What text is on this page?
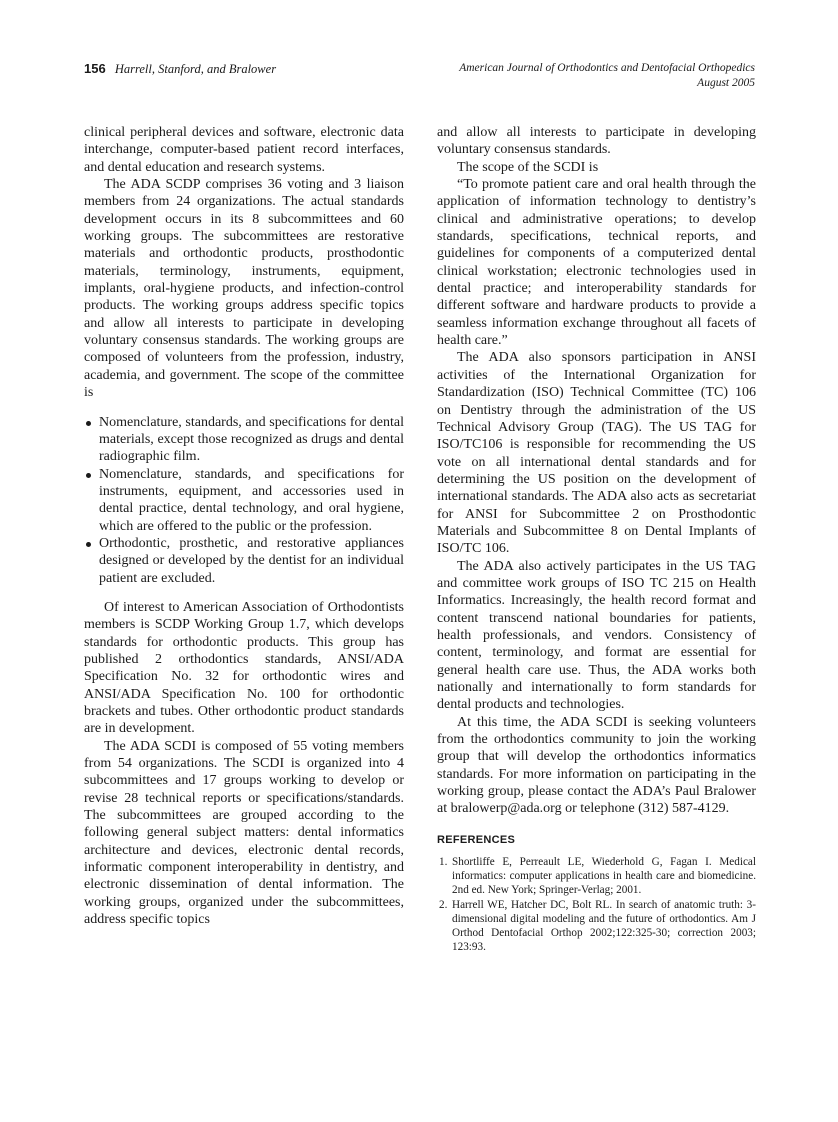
156 Harrell, Stanford, and Bralower	American Journal of Orthodontics and Dentofacial Orthopedics
August 2005

clinical peripheral devices and software, electronic data interchange, computer-based patient record interfaces, and dental education and research systems.

The ADA SCDP comprises 36 voting and 3 liaison members from 24 organizations. The actual standards development occurs in its 8 subcommittees and 60 working groups. The subcommittees are restorative materials and orthodontic products, prosthodontic materials, terminology, instruments, equipment, implants, oral-hygiene products, and infection-control products. The working groups address specific topics and allow all interests to participate in developing voluntary consensus standards. The working groups are composed of volunteers from the profession, industry, academia, and government. The scope of the committee is

Nomenclature, standards, and specifications for dental materials, except those recognized as drugs and dental radiographic film.
Nomenclature, standards, and specifications for instruments, equipment, and accessories used in dental practice, dental technology, and oral hygiene, which are offered to the public or the profession.
Orthodontic, prosthetic, and restorative appliances designed or developed by the dentist for an individual patient are excluded.

Of interest to American Association of Orthodontists members is SCDP Working Group 1.7, which develops standards for orthodontic products. This group has published 2 orthodontics standards, ANSI/ADA Specification No. 32 for orthodontic wires and ANSI/ADA Specification No. 100 for orthodontic brackets and tubes. Other orthodontic product standards are in development.

The ADA SCDI is composed of 55 voting members from 54 organizations. The SCDI is organized into 4 subcommittees and 17 groups working to develop or revise 28 technical reports or specifications/standards. The subcommittees are grouped according to the following general subject matters: dental informatics architecture and devices, electronic dental records, informatic component interoperability in dentistry, and electronic dissemination of dental information. The working groups, organized under the subcommittees, address specific topics

and allow all interests to participate in developing voluntary consensus standards.

The scope of the SCDI is

“To promote patient care and oral health through the application of information technology to dentistry’s clinical and administrative operations; to develop standards, specifications, technical reports, and guidelines for components of a computerized dental clinical workstation; electronic technologies used in dental practice; and interoperability standards for different software and hardware products to provide a seamless information exchange throughout all facets of health care.”

The ADA also sponsors participation in ANSI activities of the International Organization for Standardization (ISO) Technical Committee (TC) 106 on Dentistry through the administration of the US Technical Advisory Group (TAG). The US TAG for ISO/TC106 is responsible for recommending the US vote on all international dental standards and for determining the US position on the development of international standards. The ADA also acts as secretariat for ANSI for Subcommittee 2 on Prosthodontic Materials and Subcommittee 8 on Dental Implants of ISO/TC 106.

The ADA also actively participates in the US TAG and committee work groups of ISO TC 215 on Health Informatics. Increasingly, the health record format and content transcend national boundaries for patients, health professionals, and vendors. Consistency of content, terminology, and format are essential for general health care use. Thus, the ADA works both nationally and internationally to form standards for dental products and technologies.

At this time, the ADA SCDI is seeking volunteers from the orthodontics community to join the working group that will develop the orthodontics informatics standards. For more information on participating in the working group, please contact the ADA’s Paul Bralower at bralowerp@ada.org or telephone (312) 587-4129.

REFERENCES
1. Shortliffe E, Perreault LE, Wiederhold G, Fagan I. Medical informatics: computer applications in health care and biomedicine. 2nd ed. New York; Springer-Verlag; 2001.
2. Harrell WE, Hatcher DC, Bolt RL. In search of anatomic truth: 3-dimensional digital modeling and the future of orthodontics. Am J Orthod Dentofacial Orthop 2002;122:325-30; correction 2003; 123:93.
